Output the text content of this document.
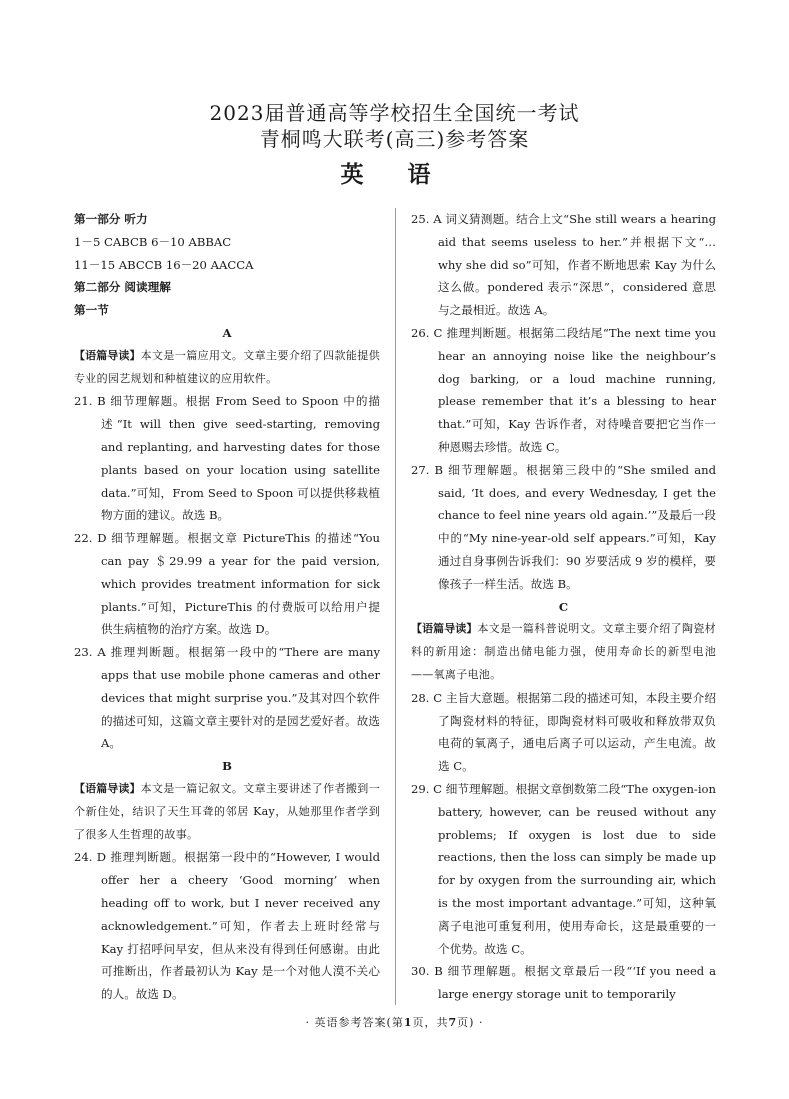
2023届普通高等学校招生全国统一考试
青桐鸣大联考(高三)参考答案
英 语

第一部分 听力

1－5 CABCB 6－10 ABBAC

11－15 ABCCB 16－20 AACCA

第二部分 阅读理解

第一节

A

【语篇导读】本文是一篇应用文。文章主要介绍了四款能提供专业的园艺规划和种植建议的应用软件。

21. B 细节理解题。根据 From Seed to Spoon 中的描述“It will then give seed-starting, removing and replanting, and harvesting dates for those plants based on your location using satellite data.”可知，From Seed to Spoon 可以提供移栽植物方面的建议。故选 B。

22. D 细节理解题。根据文章 PictureThis 的描述“You can pay ＄29.99 a year for the paid version, which provides treatment information for sick plants.”可知，PictureThis 的付费版可以给用户提供生病植物的治疗方案。故选 D。

23. A 推理判断题。根据第一段中的“There are many apps that use mobile phone cameras and other devices that might surprise you.”及其对四个软件的描述可知，这篇文章主要针对的是园艺爱好者。故选 A。

B

【语篇导读】本文是一篇记叙文。文章主要讲述了作者搬到一个新住处，结识了天生耳聋的邻居 Kay，从她那里作者学到了很多人生哲理的故事。

24. D 推理判断题。根据第一段中的“However, I would offer her a cheery ‘Good morning’ when heading off to work, but I never received any acknowledgement.”可知，作者去上班时经常与 Kay 打招呼问早安，但从来没有得到任何感谢。由此可推断出，作者最初认为 Kay 是一个对他人漠不关心的人。故选 D。

25. A 词义猜测题。结合上文“She still wears a hearing aid that seems useless to her.”并根据下文“…why she did so”可知，作者不断地思索 Kay 为什么这么做。pondered 表示“深思”，considered 意思与之最相近。故选 A。

26. C 推理判断题。根据第二段结尾“The next time you hear an annoying noise like the neighbour’s dog barking, or a loud machine running, please remember that it’s a blessing to hear that.”可知，Kay 告诉作者，对待噪音要把它当作一种恩赐去珍惜。故选 C。

27. B 细节理解题。根据第三段中的“She smiled and said, ‘It does, and every Wednesday, I get the chance to feel nine years old again.’”及最后一段中的“My nine-year-old self appears.”可知，Kay 通过自身事例告诉我们：90 岁要活成 9 岁的模样，要像孩子一样生活。故选 B。

C

【语篇导读】本文是一篇科普说明文。文章主要介绍了陶瓷材料的新用途：制造出储电能力强，使用寿命长的新型电池——氧离子电池。

28. C 主旨大意题。根据第二段的描述可知，本段主要介绍了陶瓷材料的特征，即陶瓷材料可吸收和释放带双负电荷的氧离子，通电后离子可以运动，产生电流。故选 C。

29. C 细节理解题。根据文章倒数第二段“The oxygen-ion battery, however, can be reused without any problems; If oxygen is lost due to side reactions, then the loss can simply be made up for by oxygen from the surrounding air, which is the most important advantage.”可知，这种氧离子电池可重复利用，使用寿命长，这是最重要的一个优势。故选 C。

30. B 细节理解题。根据文章最后一段“‘If you need a large energy storage unit to temporarily

· 英语参考答案(第1页，共7页) ·
